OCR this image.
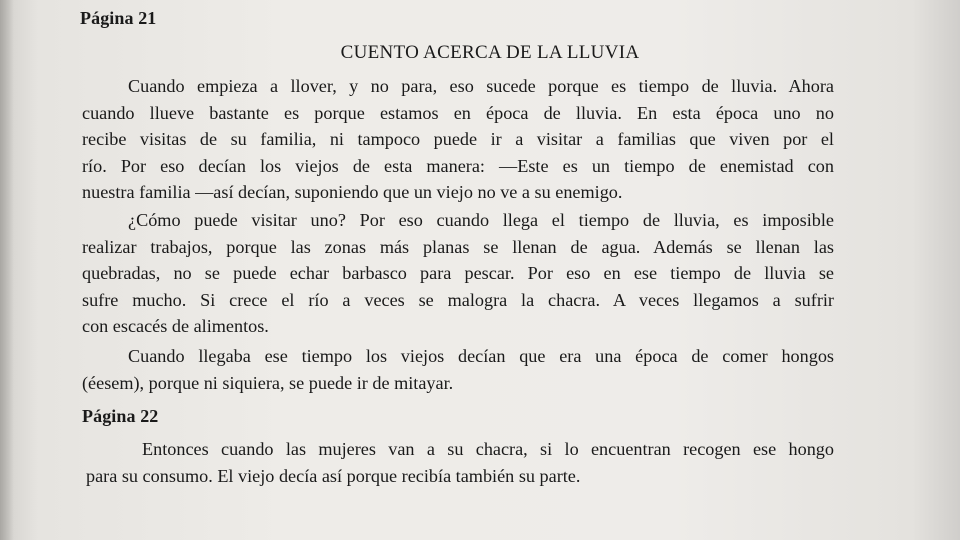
Página 21
CUENTO ACERCA DE LA LLUVIA

Cuando empieza a llover, y no para, eso sucede porque es tiempo de lluvia. Ahora
cuando llueve bastante es porque estamos en época de lluvia. En esta época uno no
recibe visitas de su familia, ni tampoco puede ir a visitar a familias que viven por el
río. Por eso decían los viejos de esta manera: —Este es un tiempo de enemistad con
nuestra familia —así decían, suponiendo que un viejo no ve a su enemigo.

¿Cómo puede visitar uno? Por eso cuando llega el tiempo de lluvia, es imposible
realizar trabajos, porque las zonas más planas se llenan de agua. Además se llenan las
quebradas, no se puede echar barbasco para pescar. Por eso en ese tiempo de lluvia se
sufre mucho. Si crece el río a veces se malogra la chacra. A veces llegamos a sufrir
con escacés de alimentos.

Cuando llegaba ese tiempo los viejos decían que era una época de comer hongos
(éesem), porque ni siquiera, se puede ir de mitayar.

Página 22

Entonces cuando las mujeres van a su chacra, si lo encuentran recogen ese hongo
para su consumo. El viejo decía así porque recibía también su parte.
